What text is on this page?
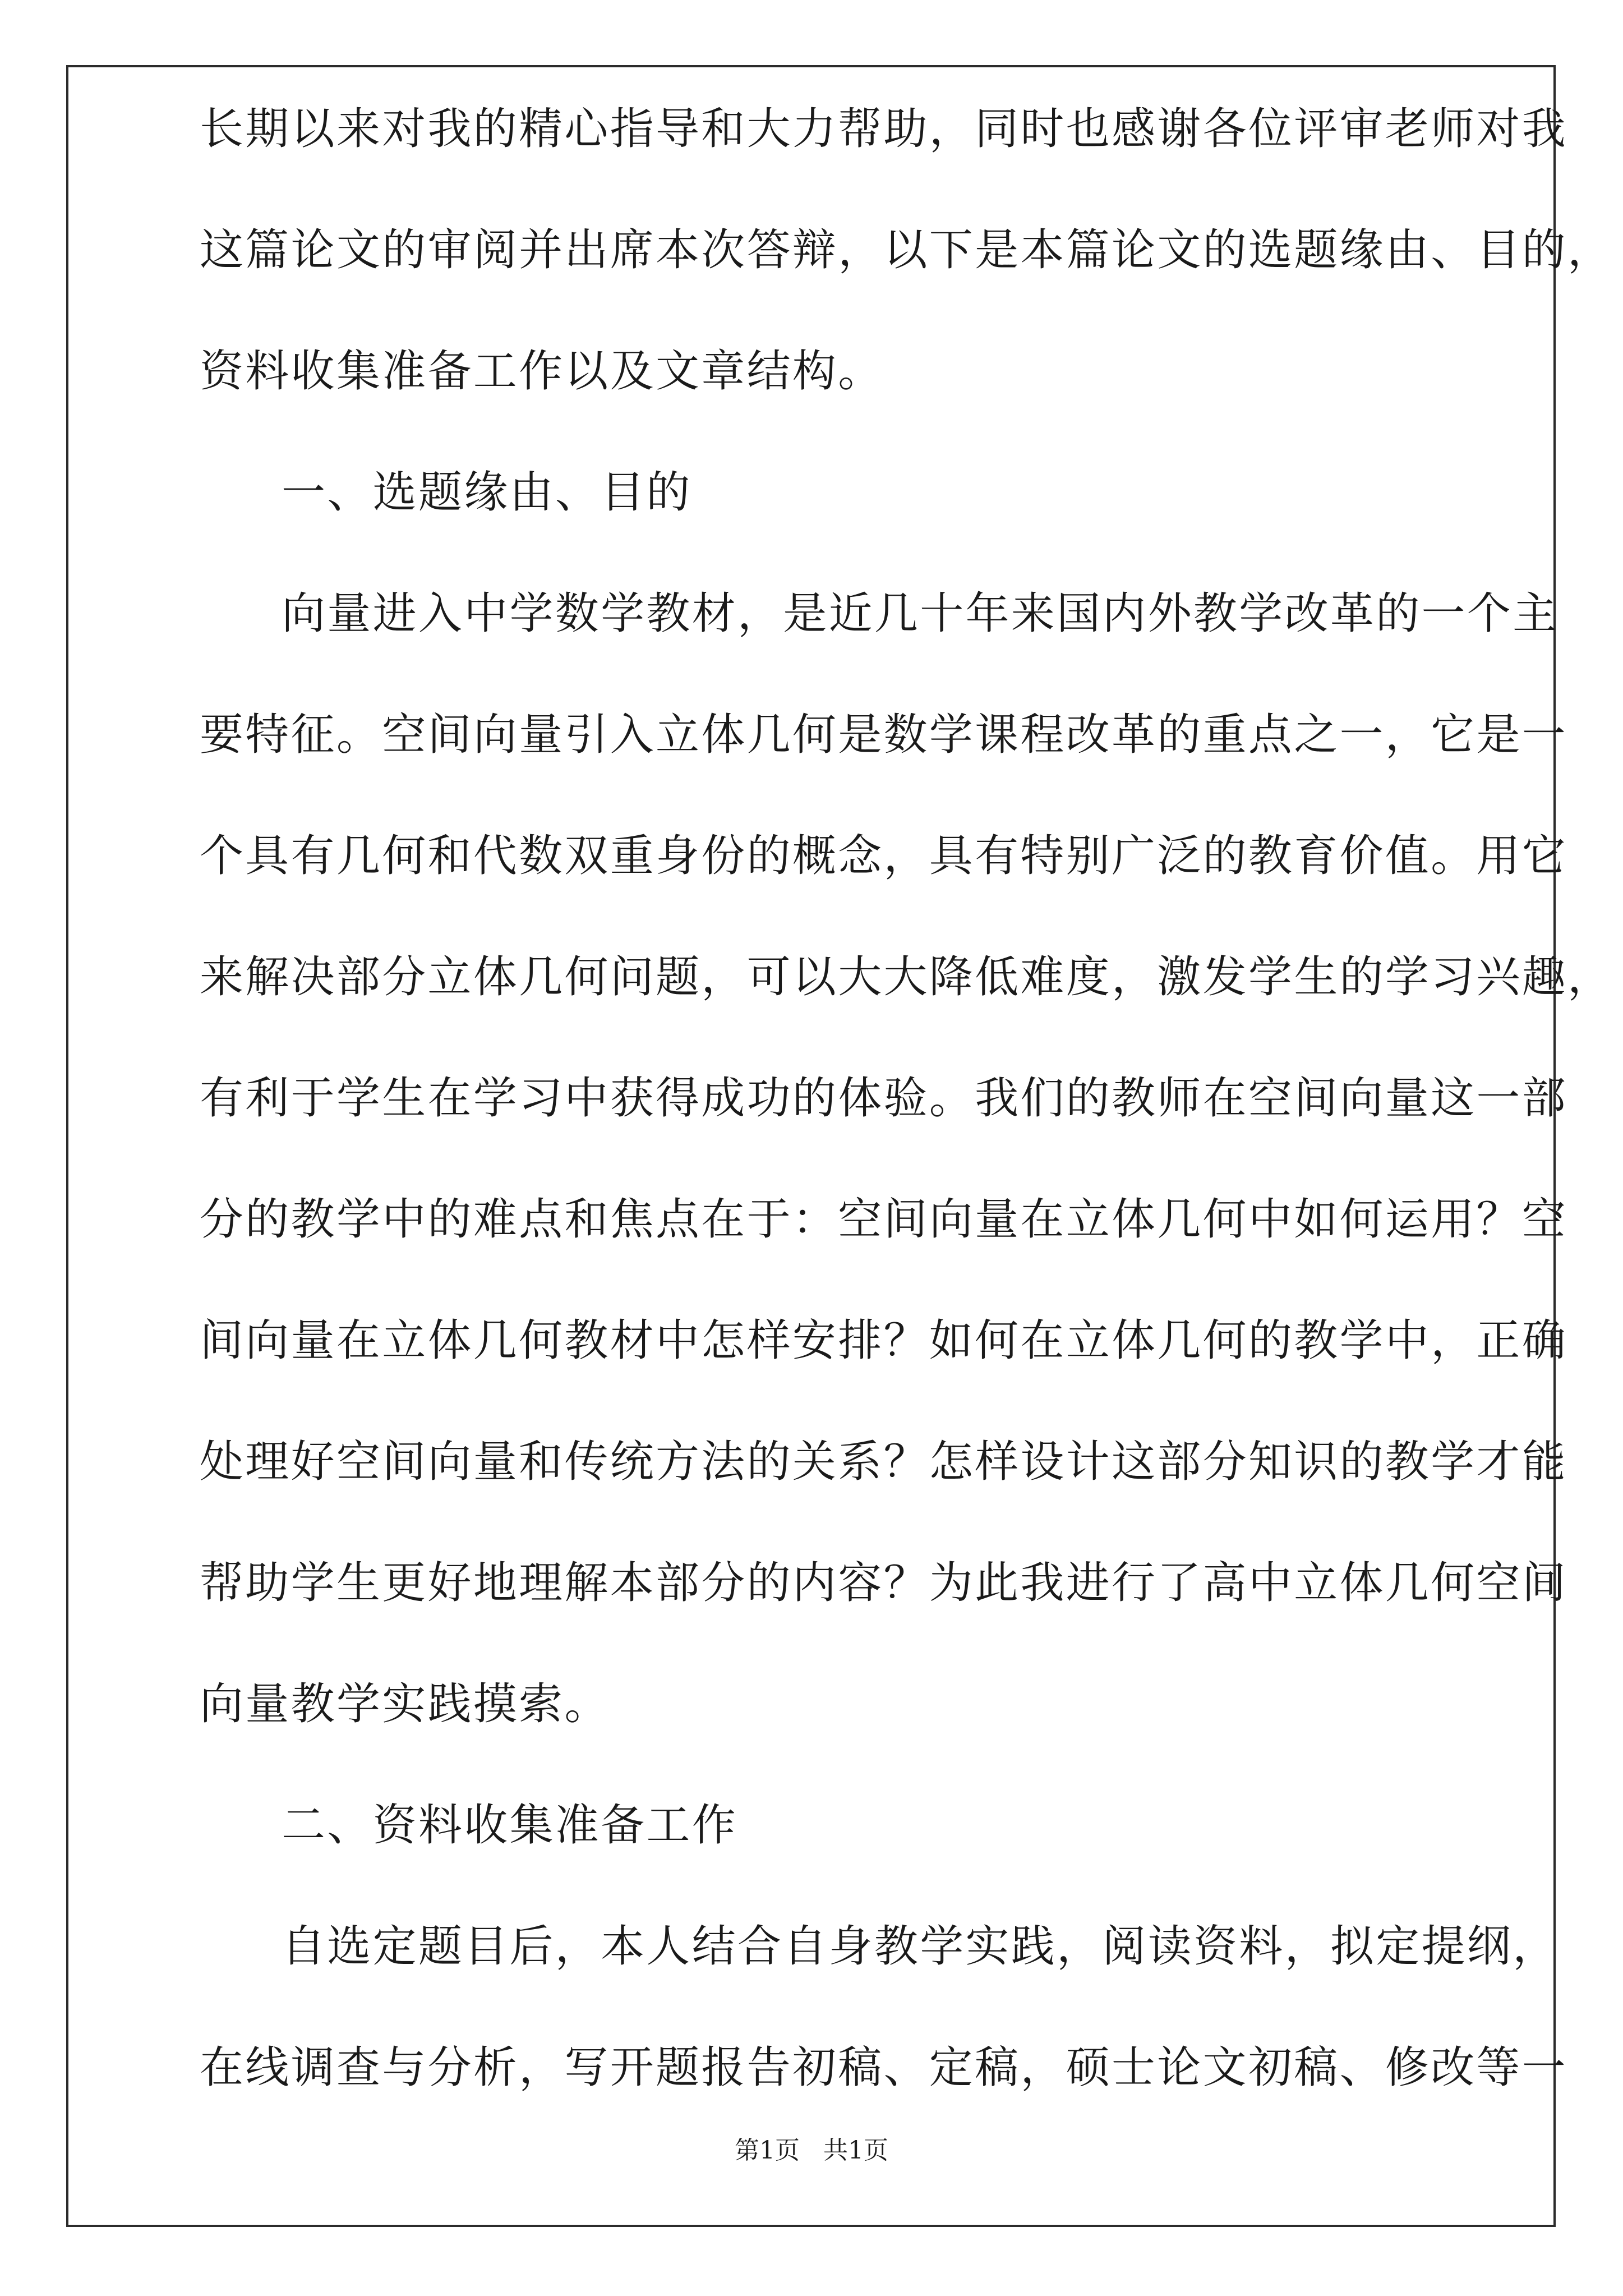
长期以来对我的精心指导和大力帮助，同时也感谢各位评审老师对我
这篇论文的审阅并出席本次答辩，以下是本篇论文的选题缘由、目的，
资料收集准备工作以及文章结构。
一、选题缘由、目的
向量进入中学数学教材，是近几十年来国内外教学改革的一个主
要特征。空间向量引入立体几何是数学课程改革的重点之一，它是一
个具有几何和代数双重身份的概念，具有特别广泛的教育价值。用它
来解决部分立体几何问题，可以大大降低难度，激发学生的学习兴趣，
有利于学生在学习中获得成功的体验。我们的教师在空间向量这一部
分的教学中的难点和焦点在于：空间向量在立体几何中如何运用？空
间向量在立体几何教材中怎样安排？如何在立体几何的教学中，正确
处理好空间向量和传统方法的关系？怎样设计这部分知识的教学才能
帮助学生更好地理解本部分的内容？为此我进行了高中立体几何空间
向量教学实践摸索。
二、资料收集准备工作
自选定题目后，本人结合自身教学实践，阅读资料，拟定提纲，
第1页   共1页
在线调查与分析，写开题报告初稿、定稿，硕士论文初稿、修改等一
